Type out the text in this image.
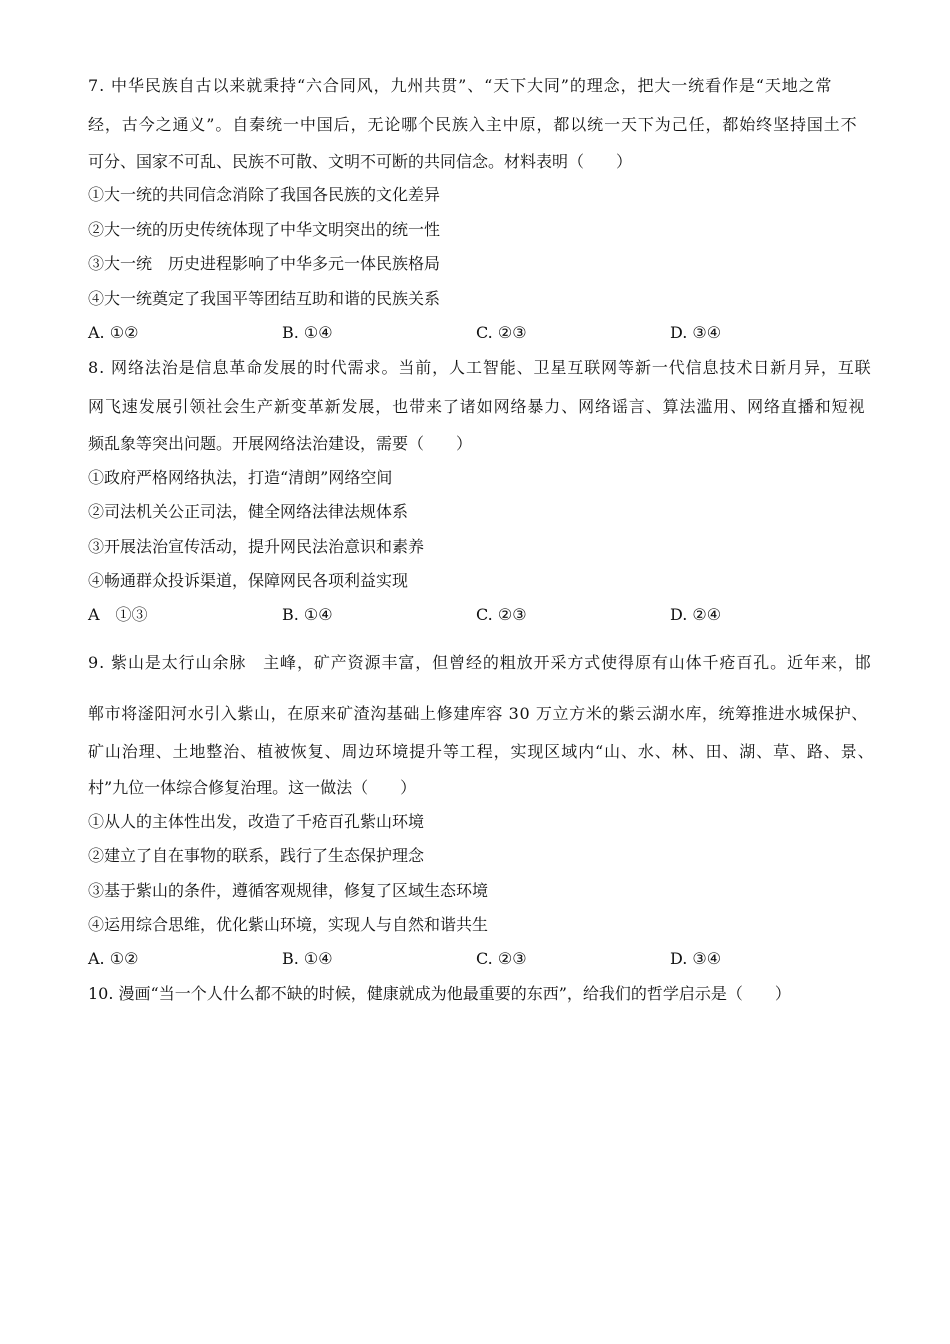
7. 中华民族自古以来就秉持“六合同风，九州共贯”、“天下大同”的理念，把大一统看作是“天地之常
经，古今之通义”。自秦统一中国后，无论哪个民族入主中原，都以统一天下为己任，都始终坚持国土不
可分、国家不可乱、民族不可散、文明不可断的共同信念。材料表明（　　）
①大一统的共同信念消除了我国各民族的文化差异
②大一统的历史传统体现了中华文明突出的统一性
③大一统　历史进程影响了中华多元一体民族格局
④大一统奠定了我国平等团结互助和谐的民族关系
A. ①②	B. ①④	C. ②③	D. ③④
8. 网络法治是信息革命发展的时代需求。当前，人工智能、卫星互联网等新一代信息技术日新月异，互联
网飞速发展引领社会生产新变革新发展，也带来了诸如网络暴力、网络谣言、算法滥用、网络直播和短视
频乱象等突出问题。开展网络法治建设，需要（　　）
①政府严格网络执法，打造“清朗”网络空间
②司法机关公正司法，健全网络法律法规体系
③开展法治宣传活动，提升网民法治意识和素养
④畅通群众投诉渠道，保障网民各项利益实现
A　①③	B. ①④	C. ②③	D. ②④
9. 紫山是太行山余脉　主峰，矿产资源丰富，但曾经的粗放开采方式使得原有山体千疮百孔。近年来，邯
郸市将滏阳河水引入紫山，在原来矿渣沟基础上修建库容 30 万立方米的紫云湖水库，统筹推进水城保护、
矿山治理、土地整治、植被恢复、周边环境提升等工程，实现区域内“山、水、林、田、湖、草、路、景、
村”九位一体综合修复治理。这一做法（　　）
①从人的主体性出发，改造了千疮百孔紫山环境
②建立了自在事物的联系，践行了生态保护理念
③基于紫山的条件，遵循客观规律，修复了区域生态环境
④运用综合思维，优化紫山环境，实现人与自然和谐共生
A. ①②	B. ①④	C. ②③	D. ③④
10. 漫画“当一个人什么都不缺的时候，健康就成为他最重要的东西”，给我们的哲学启示是（　　）
